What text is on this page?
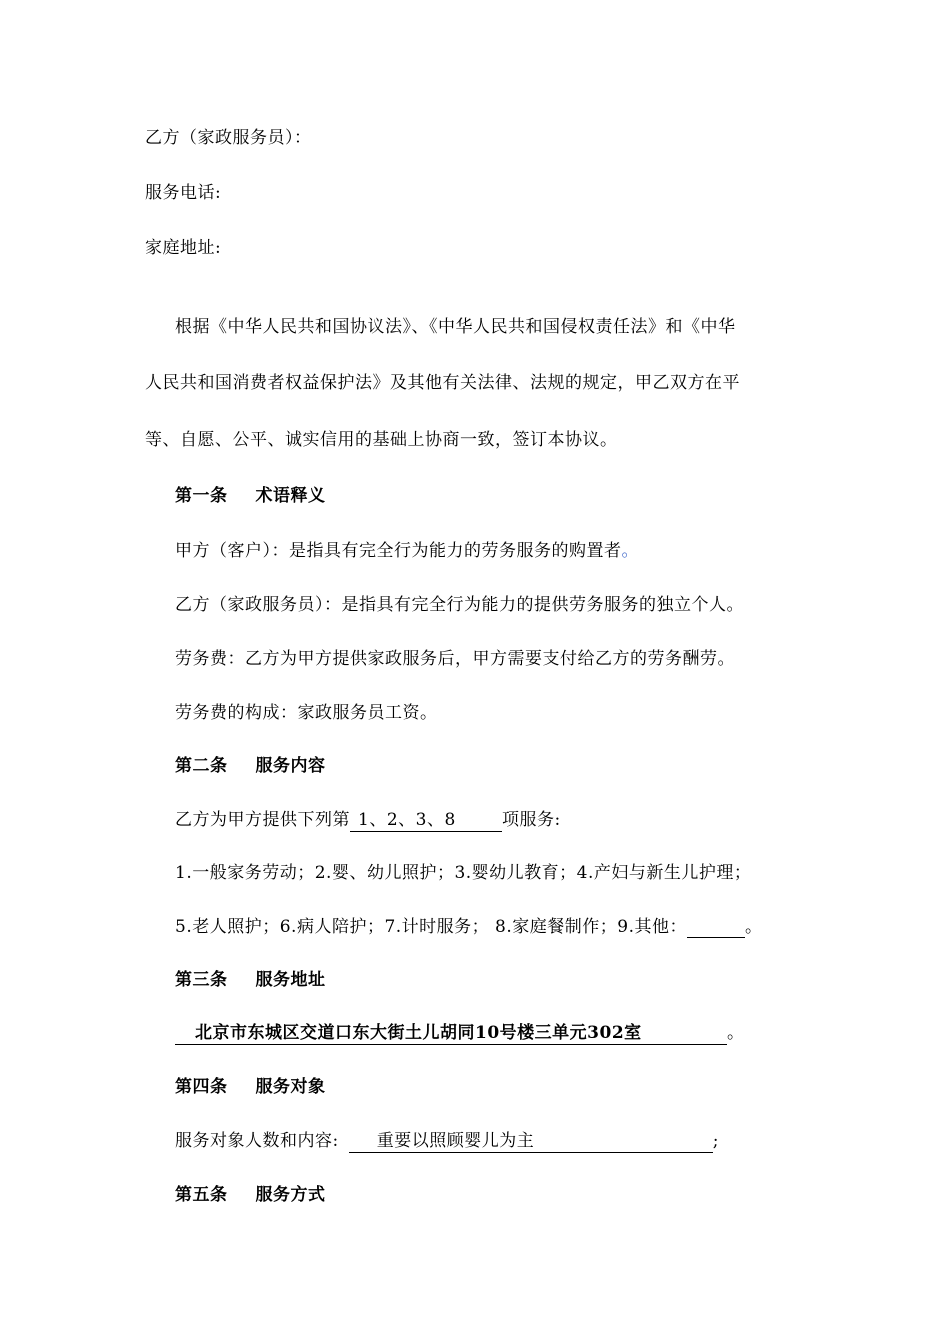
乙方（家政服务员）：
服务电话:
家庭地址:
根据《中华人民共和国协议法》、《中华人民共和国侵权责任法》和《中华
人民共和国消费者权益保护法》及其他有关法律、法规的规定，甲乙双方在平
等、自愿、公平、诚实信用的基础上协商一致，签订本协议。
第一条 术语释义
甲方（客户）：是指具有完全行为能力的劳务服务的购置者。
乙方（家政服务员）：是指具有完全行为能力的提供劳务服务的独立个人。
劳务费：乙方为甲方提供家政服务后，甲方需要支付给乙方的劳务酬劳。
劳务费的构成：家政服务员工资。
第二条 服务内容
乙方为甲方提供下列第 1、2、3、8	项服务:
1.一般家务劳动；2.婴、幼儿照护；3.婴幼儿教育；4.产妇与新生儿护理；
5.老人照护；6.病人陪护；7.计时服务； 8.家庭餐制作；9.其他：	。
第三条 服务地址
北京市东城区交道口东大街土儿胡同10号楼三单元302室	。
第四条 服务对象
服务对象人数和内容: 重要以照顾婴儿为主	;
第五条 服务方式
